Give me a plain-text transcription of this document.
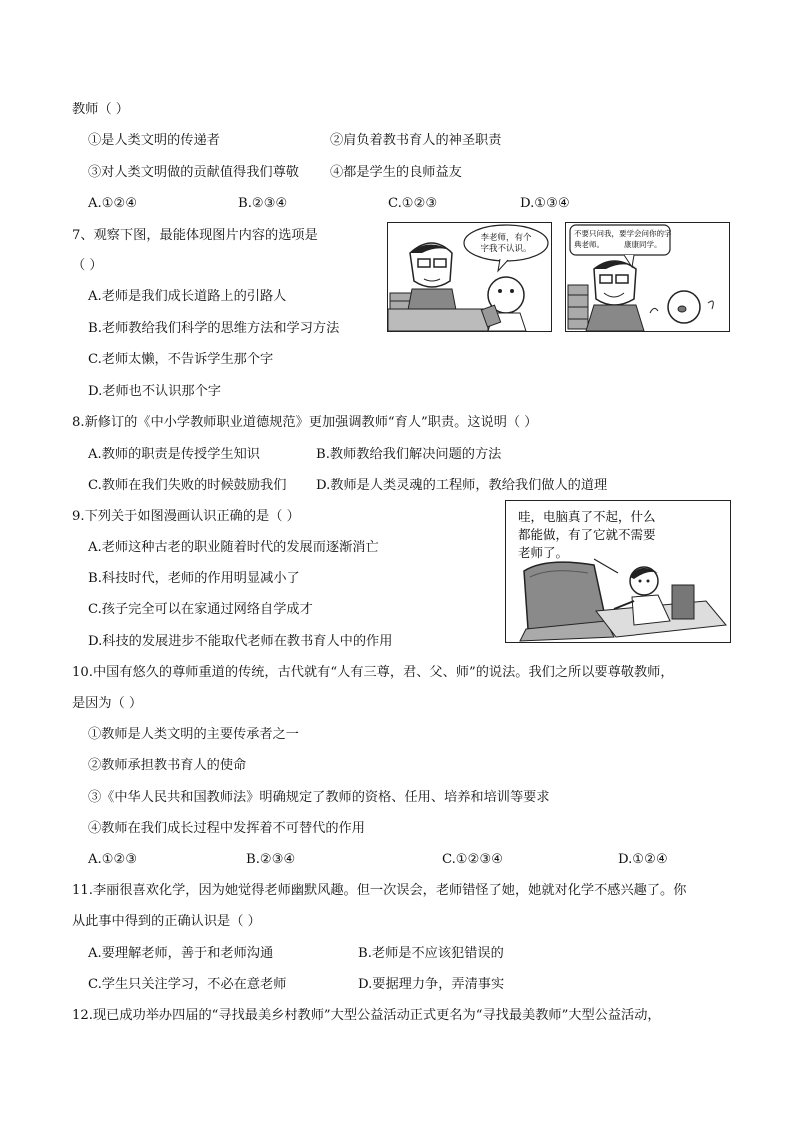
教师（ ）
①是人类文明的传递者	②肩负着教书育人的神圣职责
③对人类文明做的贡献值得我们尊敬 ④都是学生的良师益友
A.①②④	B.②③④	C.①②③	D.①③④
7、观察下图，最能体现图片内容的选项是
（ ）
A.老师是我们成长道路上的引路人
B.老师教给我们科学的思维方法和学习方法
C.老师太懒，不告诉学生那个字
D.老师也不认识那个字
李老师，有个
字我不认识。
不要只问我，要学会问你的字
典老师。	康康同学。
8.新修订的《中小学教师职业道德规范》更加强调教师“育人”职责。这说明（ ）
A.教师的职责是传授学生知识	B.教师教给我们解决问题的方法
C.教师在我们失败的时候鼓励我们 D.教师是人类灵魂的工程师，教给我们做人的道理
9.下列关于如图漫画认识正确的是（ ）
A.老师这种古老的职业随着时代的发展而逐渐消亡
B.科技时代，老师的作用明显减小了
C.孩子完全可以在家通过网络自学成才
D.科技的发展进步不能取代老师在教书育人中的作用
哇，电脑真了不起，什么
都能做，有了它就不需要
老师了。
10.中国有悠久的尊师重道的传统，古代就有“人有三尊，君、父、师”的说法。我们之所以要尊敬教师，
是因为（ ）
①教师是人类文明的主要传承者之一
②教师承担教书育人的使命
③《中华人民共和国教师法》明确规定了教师的资格、任用、培养和培训等要求
④教师在我们成长过程中发挥着不可替代的作用
A.①②③	B.②③④	C.①②③④	D.①②④
11.李丽很喜欢化学，因为她觉得老师幽默风趣。但一次误会，老师错怪了她，她就对化学不感兴趣了。你
从此事中得到的正确认识是（ ）
A.要理解老师，善于和老师沟通	B.老师是不应该犯错误的
C.学生只关注学习，不必在意老师	D.要据理力争，弄清事实
12.现已成功举办四届的“寻找最美乡村教师”大型公益活动正式更名为“寻找最美教师”大型公益活动，
